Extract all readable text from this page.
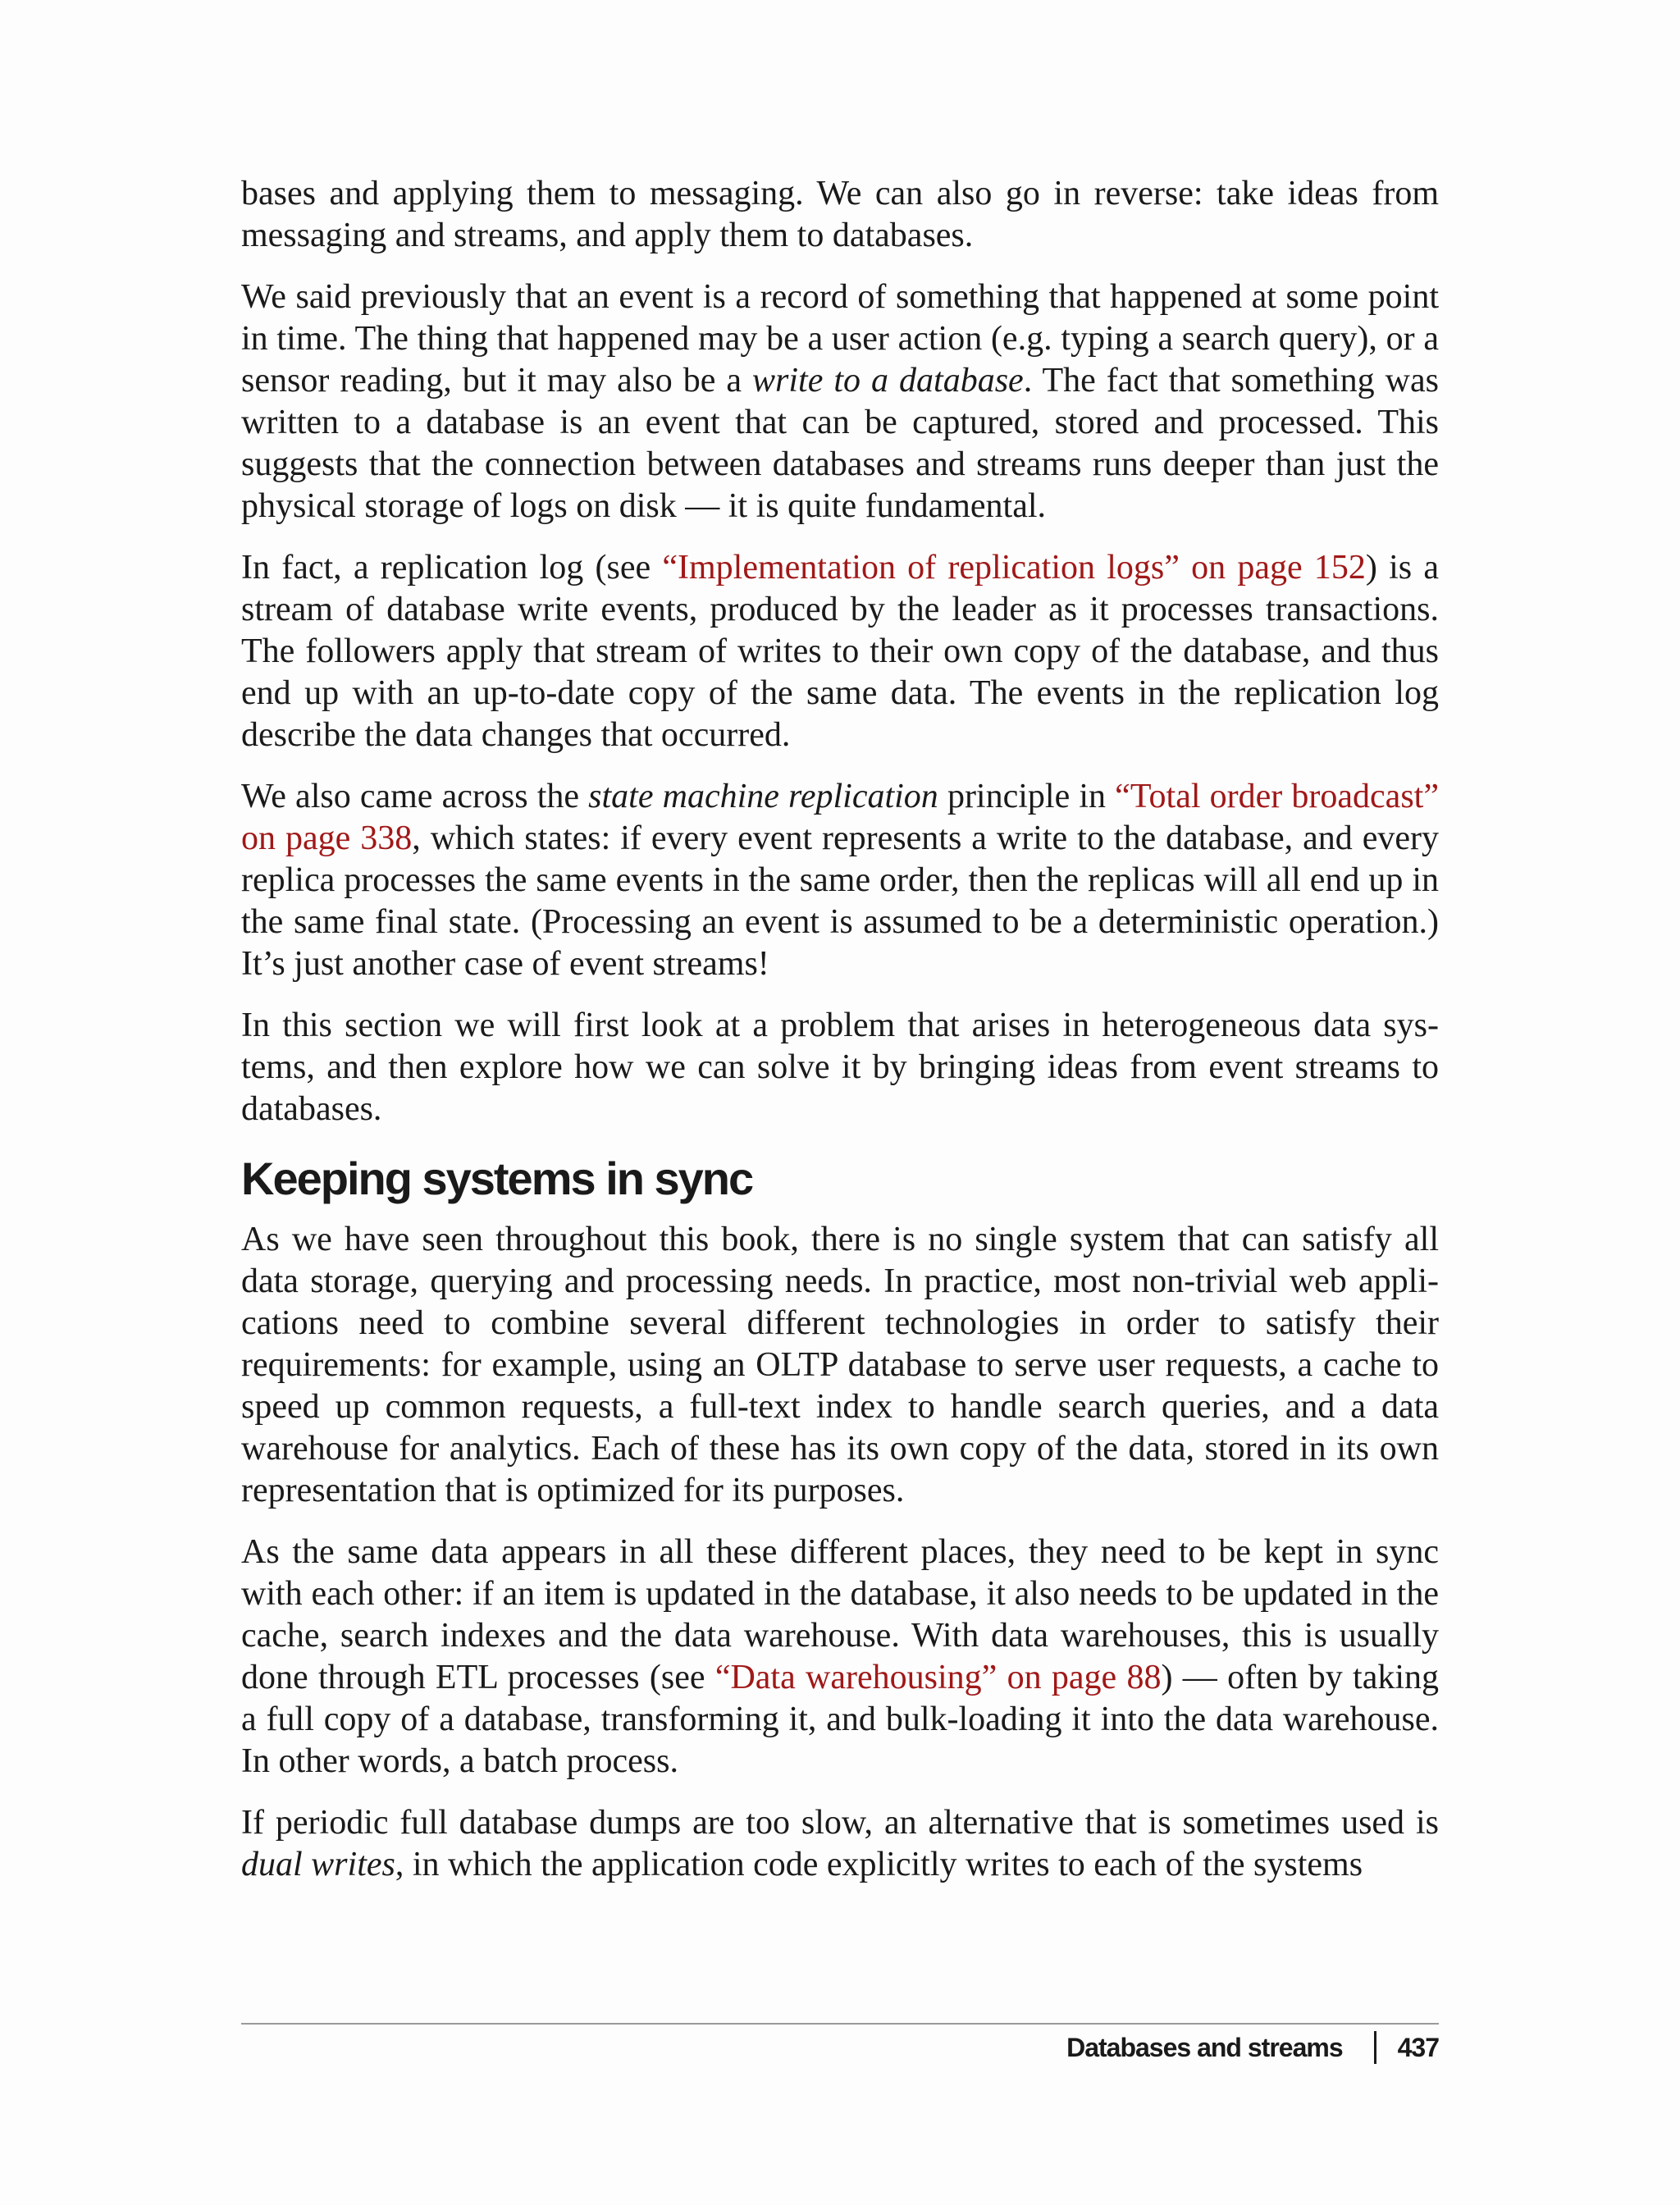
bases and applying them to messaging. We can also go in reverse: take ideas from messaging and streams, and apply them to databases.

We said previously that an event is a record of something that happened at some point in time. The thing that happened may be a user action (e.g. typing a search query), or a sensor reading, but it may also be a write to a database. The fact that something was written to a database is an event that can be captured, stored and processed. This suggests that the connection between databases and streams runs deeper than just the physical storage of logs on disk — it is quite fundamental.

In fact, a replication log (see “Implementation of replication logs” on page 152) is a stream of database write events, produced by the leader as it processes transactions. The followers apply that stream of writes to their own copy of the database, and thus end up with an up-to-date copy of the same data. The events in the replication log describe the data changes that occurred.

We also came across the state machine replication principle in “Total order broadcast” on page 338, which states: if every event represents a write to the database, and every replica processes the same events in the same order, then the replicas will all end up in the same final state. (Processing an event is assumed to be a deterministic operation.) It’s just another case of event streams!

In this section we will first look at a problem that arises in heterogeneous data systems, and then explore how we can solve it by bringing ideas from event streams to databases.

Keeping systems in sync

As we have seen throughout this book, there is no single system that can satisfy all data storage, querying and processing needs. In practice, most non-trivial web applications need to combine several different technologies in order to satisfy their requirements: for example, using an OLTP database to serve user requests, a cache to speed up common requests, a full-text index to handle search queries, and a data warehouse for analytics. Each of these has its own copy of the data, stored in its own representation that is optimized for its purposes.

As the same data appears in all these different places, they need to be kept in sync with each other: if an item is updated in the database, it also needs to be updated in the cache, search indexes and the data warehouse. With data warehouses, this is usually done through ETL processes (see “Data warehousing” on page 88) — often by taking a full copy of a database, transforming it, and bulk-loading it into the data warehouse. In other words, a batch process.

If periodic full database dumps are too slow, an alternative that is sometimes used is dual writes, in which the application code explicitly writes to each of the systems

Databases and streams 437
